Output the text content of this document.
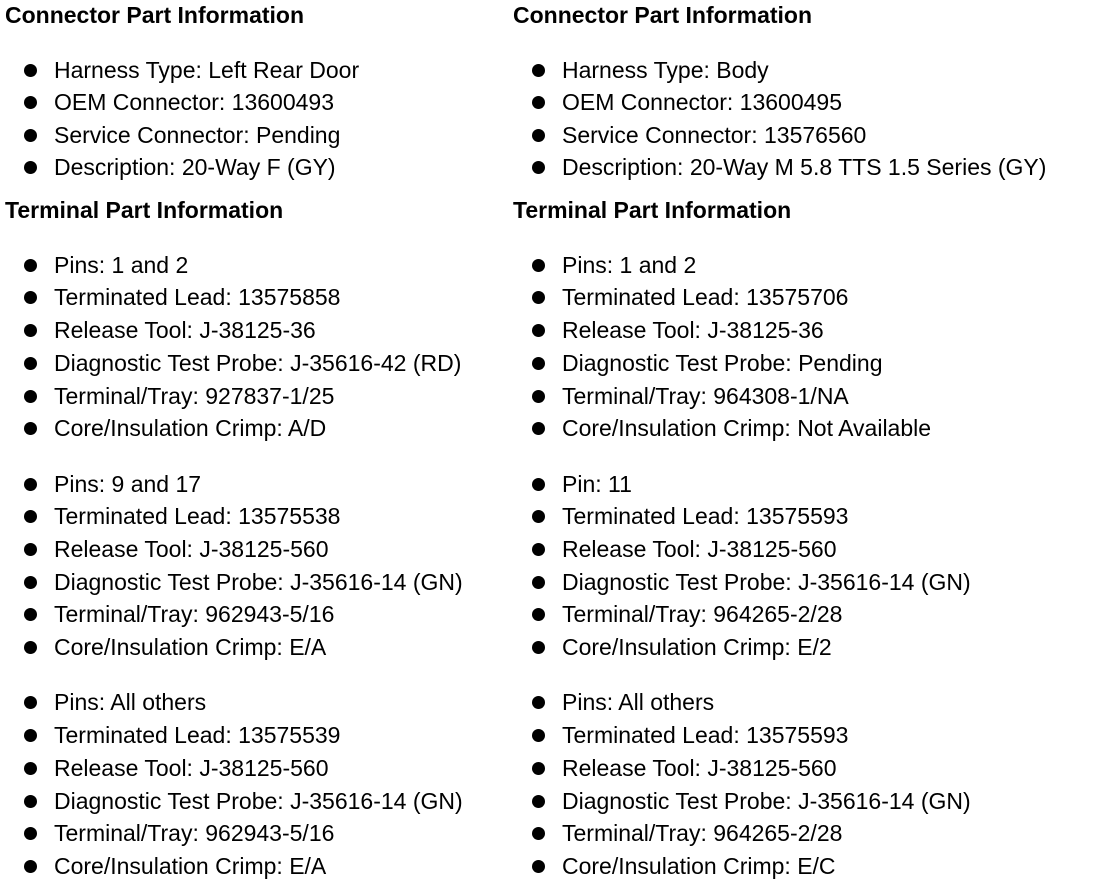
Connector Part Information
Harness Type: Left Rear Door
OEM Connector: 13600493
Service Connector: Pending
Description: 20-Way F (GY)
Terminal Part Information
Pins: 1 and 2
Terminated Lead: 13575858
Release Tool: J-38125-36
Diagnostic Test Probe: J-35616-42 (RD)
Terminal/Tray: 927837-1/25
Core/Insulation Crimp: A/D
Pins: 9 and 17
Terminated Lead: 13575538
Release Tool: J-38125-560
Diagnostic Test Probe: J-35616-14 (GN)
Terminal/Tray: 962943-5/16
Core/Insulation Crimp: E/A
Pins: All others
Terminated Lead: 13575539
Release Tool: J-38125-560
Diagnostic Test Probe: J-35616-14 (GN)
Terminal/Tray: 962943-5/16
Core/Insulation Crimp: E/A
Connector Part Information
Harness Type: Body
OEM Connector: 13600495
Service Connector: 13576560
Description: 20-Way M 5.8 TTS 1.5 Series (GY)
Terminal Part Information
Pins: 1 and 2
Terminated Lead: 13575706
Release Tool: J-38125-36
Diagnostic Test Probe: Pending
Terminal/Tray: 964308-1/NA
Core/Insulation Crimp: Not Available
Pin: 11
Terminated Lead: 13575593
Release Tool: J-38125-560
Diagnostic Test Probe: J-35616-14 (GN)
Terminal/Tray: 964265-2/28
Core/Insulation Crimp: E/2
Pins: All others
Terminated Lead: 13575593
Release Tool: J-38125-560
Diagnostic Test Probe: J-35616-14 (GN)
Terminal/Tray: 964265-2/28
Core/Insulation Crimp: E/C
